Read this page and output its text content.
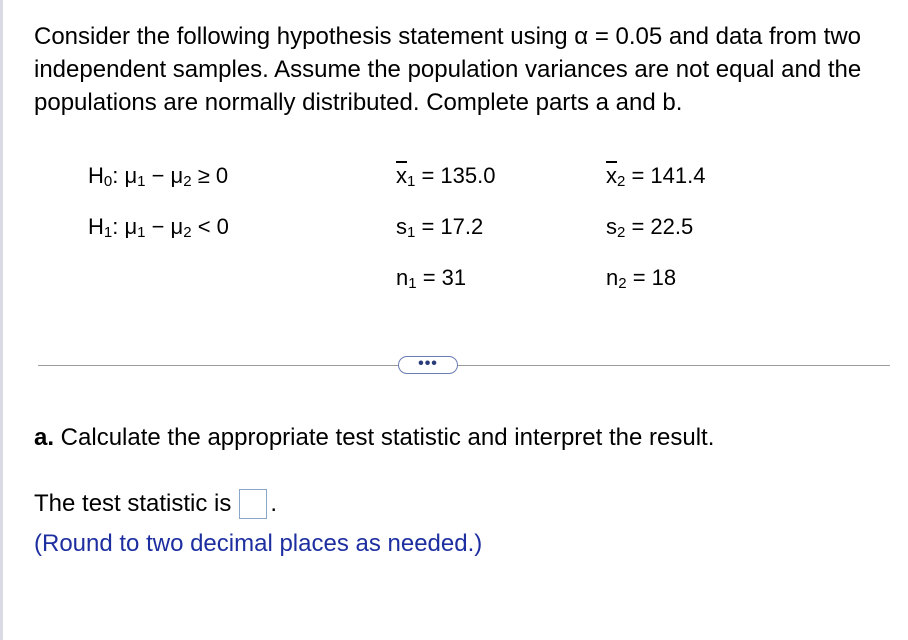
Consider the following hypothesis statement using α = 0.05 and data from two independent samples. Assume the population variances are not equal and the populations are normally distributed. Complete parts a and b.
$H_0$: $\mu_1 - \mu_2 \ge 0$
$H_1$: $\mu_1 - \mu_2 < 0$
$\overline{x}_1 = 135.0$
$s_1 = 17.2$
$n_1 = 31$
$\overline{x}_2 = 141.4$
$s_2 = 22.5$
$n_2 = 18$
•••
a. Calculate the appropriate test statistic and interpret the result.
The test statistic is .
(Round to two decimal places as needed.)
